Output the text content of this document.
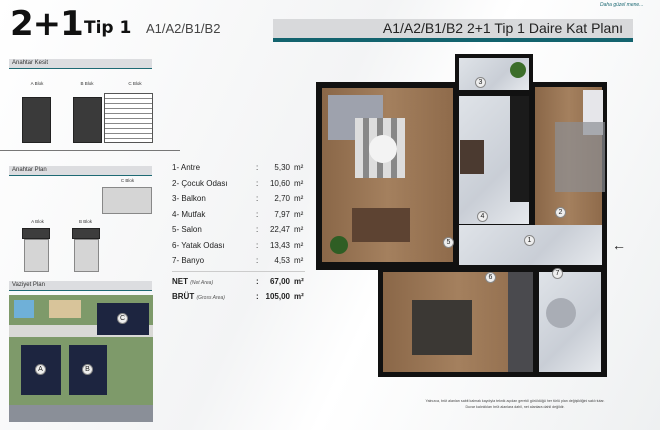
2+1 Tip 1 A1/A2/B1/B2
Daha güzel mene...
A1/A2/B1/B2 2+1 Tip 1 Daire Kat Planı
Anahtar Kesit
A Blok	B Blok	C Blok
Anahtar Plan
C Blok
A Blok	B Blok
Vaziyet Plan
C
A	B
1- Antre	:	5,30 m²
2- Çocuk Odası	:	10,60 m²
3- Balkon	:	2,70 m²
4- Mutfak	:	7,97 m²
5- Salon	:	22,47 m²
6- Yatak Odası	:	13,43 m²
7- Banyo	:	4,53 m²
NET (Net Area)	:	67,00 m²
BRÜT (Gross Area)	: 105,00 m²
1
2
3
4
5
6
7
←
Yalnızca, brüt alanları sabit kalmak kaydıyla teknik açıdan gerekli görüldüğü her türlü plan değişikliğini saklı tutar.
Duvar kalınlıkları brüt alanlara dahil, net alanlara dahil değildir.
